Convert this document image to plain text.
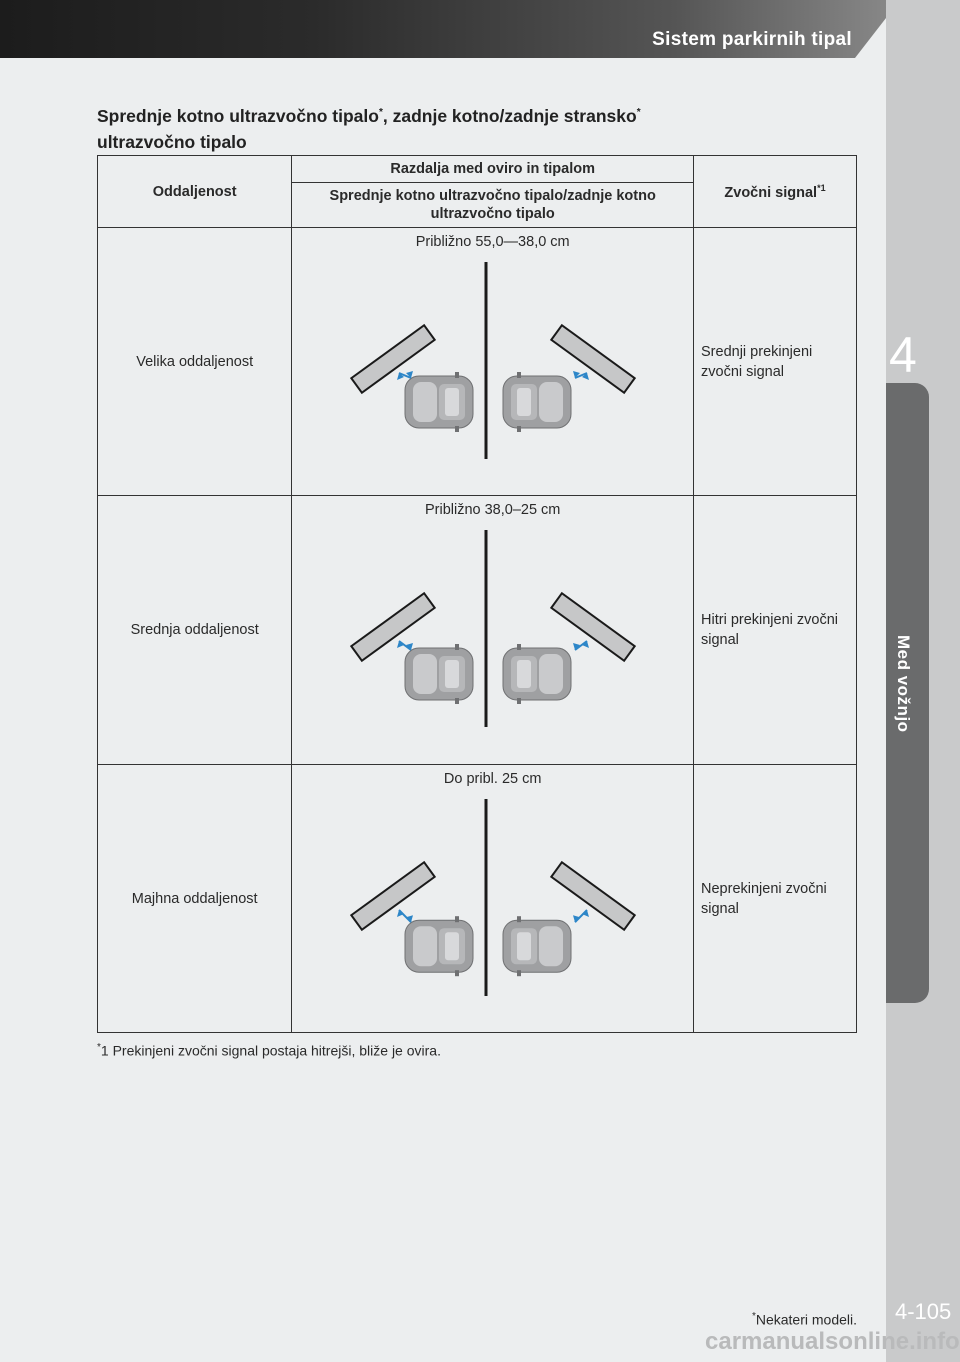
Sistem parkirnih tipal
4
Med vožnjo
4-105
Sprednje kotno ultrazvočno tipalo*, zadnje kotno/zadnje stransko*
ultrazvočno tipalo
Oddaljenost	Razdalja med oviro in tipalom	Zvočni signal$^{*1}$
	Sprednje kotno ultrazvočno tipalo/zadnje kotno ultrazvočno tipalo	
Velika oddaljenost	Približno 55,0—38,0 cm	Srednji prekinjeni zvočni signal
Srednja oddaljenost	Približno 38,0–25 cm	Hitri prekinjeni zvočni signal
Majhna oddaljenost	Do pribl. 25 cm	Neprekinjeni zvočni signal
*1 Prekinjeni zvočni signal postaja hitrejši, bliže je ovira.
*Nekateri modeli.
carmanualsonline.info
